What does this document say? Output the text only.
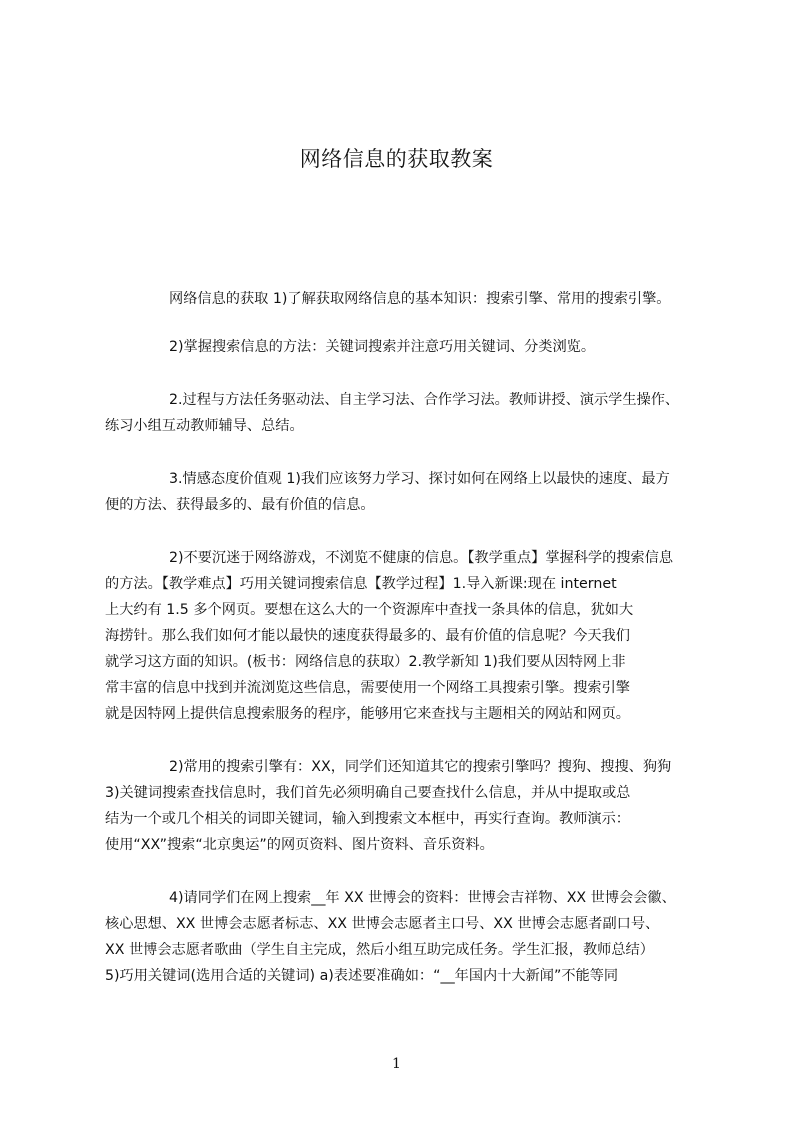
网络信息的获取教案
网络信息的获取 1)了解获取网络信息的基本知识：搜索引擎、常用的搜索引擎。
2)掌握搜索信息的方法：关键词搜索并注意巧用关键词、分类浏览。
2.过程与方法任务驱动法、自主学习法、合作学习法。教师讲授、演示学生操作、
练习小组互动教师辅导、总结。
3.情感态度价值观 1)我们应该努力学习、探讨如何在网络上以最快的速度、最方
便的方法、获得最多的、最有价值的信息。
2)不要沉迷于网络游戏，不浏览不健康的信息。【教学重点】掌握科学的搜索信息
的方法。【教学难点】巧用关键词搜索信息【教学过程】1.导入新课:现在 internet
上大约有 1.5 多个网页。要想在这么大的一个资源库中查找一条具体的信息，犹如大
海捞针。那么我们如何才能以最快的速度获得最多的、最有价值的信息呢？今天我们
就学习这方面的知识。(板书：网络信息的获取）2.教学新知 1)我们要从因特网上非
常丰富的信息中找到并流浏览这些信息，需要使用一个网络工具搜索引擎。搜索引擎
就是因特网上提供信息搜索服务的程序，能够用它来查找与主题相关的网站和网页。
2)常用的搜索引擎有：XX，同学们还知道其它的搜索引擎吗？搜狗、搜搜、狗狗
3)关键词搜索查找信息时，我们首先必须明确自己要查找什么信息，并从中提取或总
结为一个或几个相关的词即关键词，输入到搜索文本框中，再实行查询。教师演示：
使用“XX”搜索“北京奥运”的网页资料、图片资料、音乐资料。
4)请同学们在网上搜索__年 XX 世博会的资料：世博会吉祥物、XX 世博会会徽、
核心思想、XX 世博会志愿者标志、XX 世博会志愿者主口号、XX 世博会志愿者副口号、
XX 世博会志愿者歌曲（学生自主完成，然后小组互助完成任务。学生汇报，教师总结）
5)巧用关键词(选用合适的关键词) a)表述要准确如：“__年国内十大新闻”不能等同
1
